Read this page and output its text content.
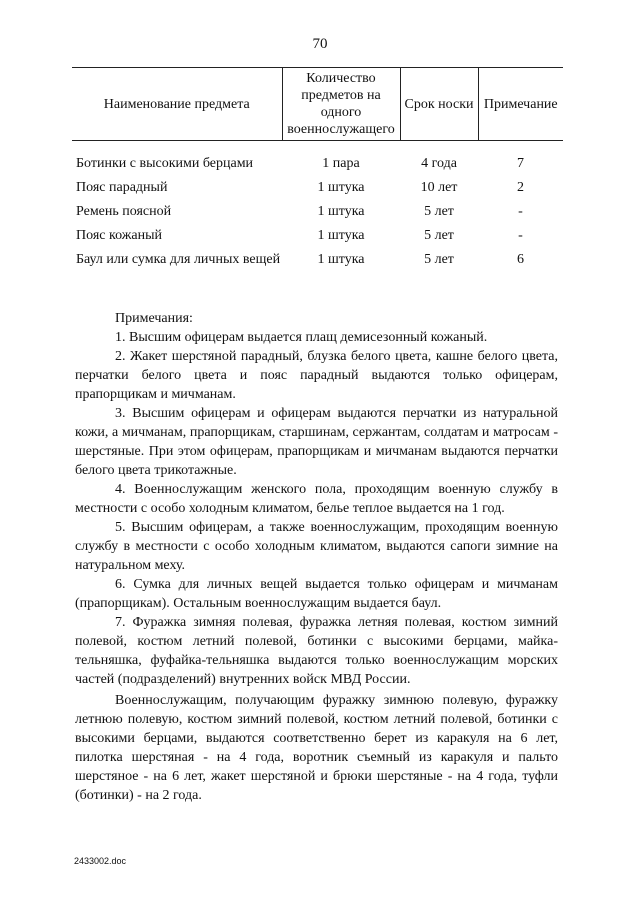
70
Наименование предмета	Количество предметов на одного военнослужащего	Срок носки	Примечание
Ботинки с высокими берцами	1 пара	4 года	7
Пояс парадный	1 штука	10 лет	2
Ремень поясной	1 штука	5 лет	-
Пояс кожаный	1 штука	5 лет	-
Баул или сумка для личных вещей	1 штука	5 лет	6

Примечания:

1. Высшим офицерам выдается плащ демисезонный кожаный.

2. Жакет шерстяной парадный, блузка белого цвета, кашне белого цвета, перчатки белого цвета и пояс парадный выдаются только офицерам, прапорщикам и мичманам.

3. Высшим офицерам и офицерам выдаются перчатки из натуральной кожи, а мичманам, прапорщикам, старшинам, сержантам, солдатам и матросам - шерстяные. При этом офицерам, прапорщикам и мичманам выдаются перчатки белого цвета трикотажные.

4. Военнослужащим женского пола, проходящим военную службу в местности с особо холодным климатом, белье теплое выдается на 1 год.

5. Высшим офицерам, а также военнослужащим, проходящим военную службу в местности с особо холодным климатом, выдаются сапоги зимние на натуральном меху.

6. Сумка для личных вещей выдается только офицерам и мичманам (прапорщикам). Остальным военнослужащим выдается баул.

7. Фуражка зимняя полевая, фуражка летняя полевая, костюм зимний полевой, костюм летний полевой, ботинки с высокими берцами, майка-тельняшка, фуфайка-тельняшка выдаются только военнослужащим морских частей (подразделений) внутренних войск МВД России.

Военнослужащим, получающим фуражку зимнюю полевую, фуражку летнюю полевую, костюм зимний полевой, костюм летний полевой, ботинки с высокими берцами, выдаются соответственно берет из каракуля на 6 лет, пилотка шерстяная - на 4 года, воротник съемный из каракуля и пальто шерстяное - на 6 лет, жакет шерстяной и брюки шерстяные - на 4 года, туфли (ботинки) - на 2 года.

2433002.doc
